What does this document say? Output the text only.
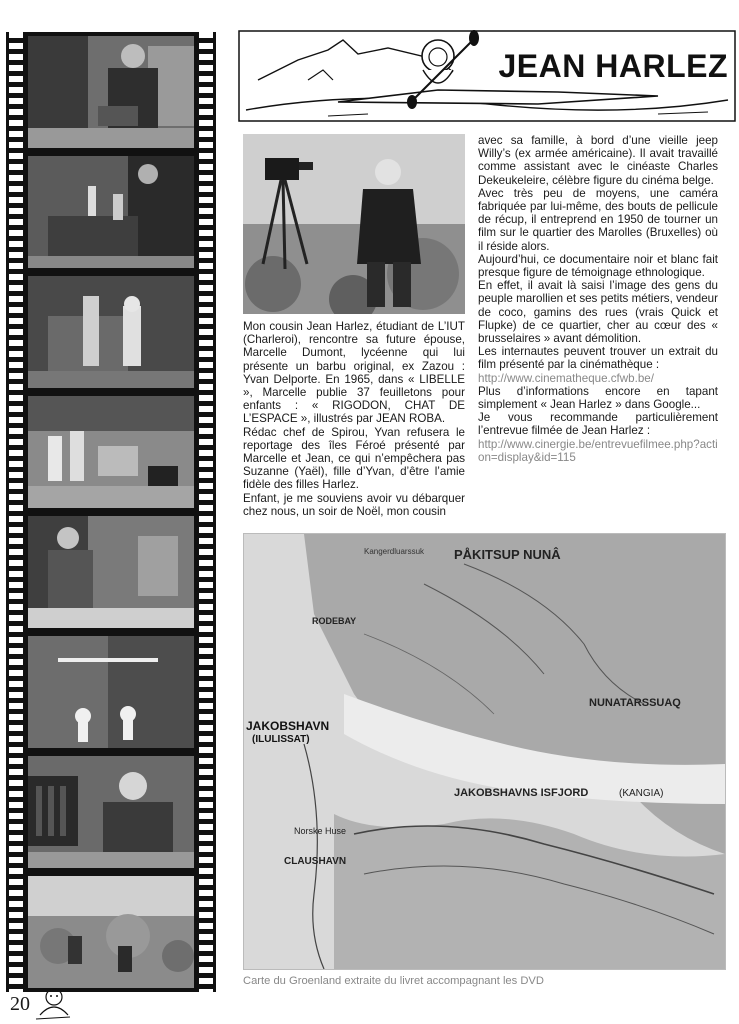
JEAN HARLEZ

Mon cousin Jean Harlez, étudiant de L’IUT (Charleroi), rencontre sa future épouse, Marcelle Dumont, lycéenne qui lui présente un barbu original, ex Zazou : Yvan Delporte. En 1965, dans « LIBELLE », Marcelle publie 37 feuilletons pour enfants : « RIGODON, CHAT DE L’ESPACE », illustrés par JEAN ROBA.

Rédac chef de Spirou, Yvan refusera le reportage des îles Féroé présenté par Marcelle et Jean, ce qui n’empêchera pas Suzanne (Yaël), fille d’Yvan, d’être l’amie fidèle des filles Harlez.

Enfant, je me souviens avoir vu débarquer chez nous, un soir de Noël, mon cousin

avec sa famille, à bord d’une vieille jeep Willy’s (ex armée américaine). Il avait travaillé comme assistant avec le cinéaste Charles Dekeukeleire, célèbre figure du cinéma belge.

Avec très peu de moyens, une caméra fabriquée par lui-même, des bouts de pellicule de récup, il entreprend en 1950 de tourner un film sur le quartier des Marolles (Bruxelles) où il réside alors.

Aujourd’hui, ce documentaire noir et blanc fait presque figure de témoignage ethnologique.

En effet, il avait là saisi l’image des gens du peuple marollien et ses petits métiers, vendeur de coco, gamins des rues (vrais Quick et Flupke) de ce quartier, cher au cœur des « brusselaires » avant démolition.

Les internautes peuvent trouver un extrait du film présenté par la cinémathèque :

http://www.cinematheque.cfwb.be/

Plus d’informations encore en tapant simplement « Jean Harlez » dans Google...

Je vous recommande particulièrement l’entrevue filmée de Jean Harlez :

http://www.cinergie.be/entrevuefilmee.php?action=display&id=115

PÅKITSUP NUNÂ
NUNATARSSUAQ
JAKOBSHAVN
(ILULISSAT)
JAKOBSHAVNS ISFJORD	(KANGIA)
RODEBAY
CLAUSHAVN
Norske Huse
Kangerdluarssuk
Carte du Groenland extraite du livret accompagnant les DVD
20
